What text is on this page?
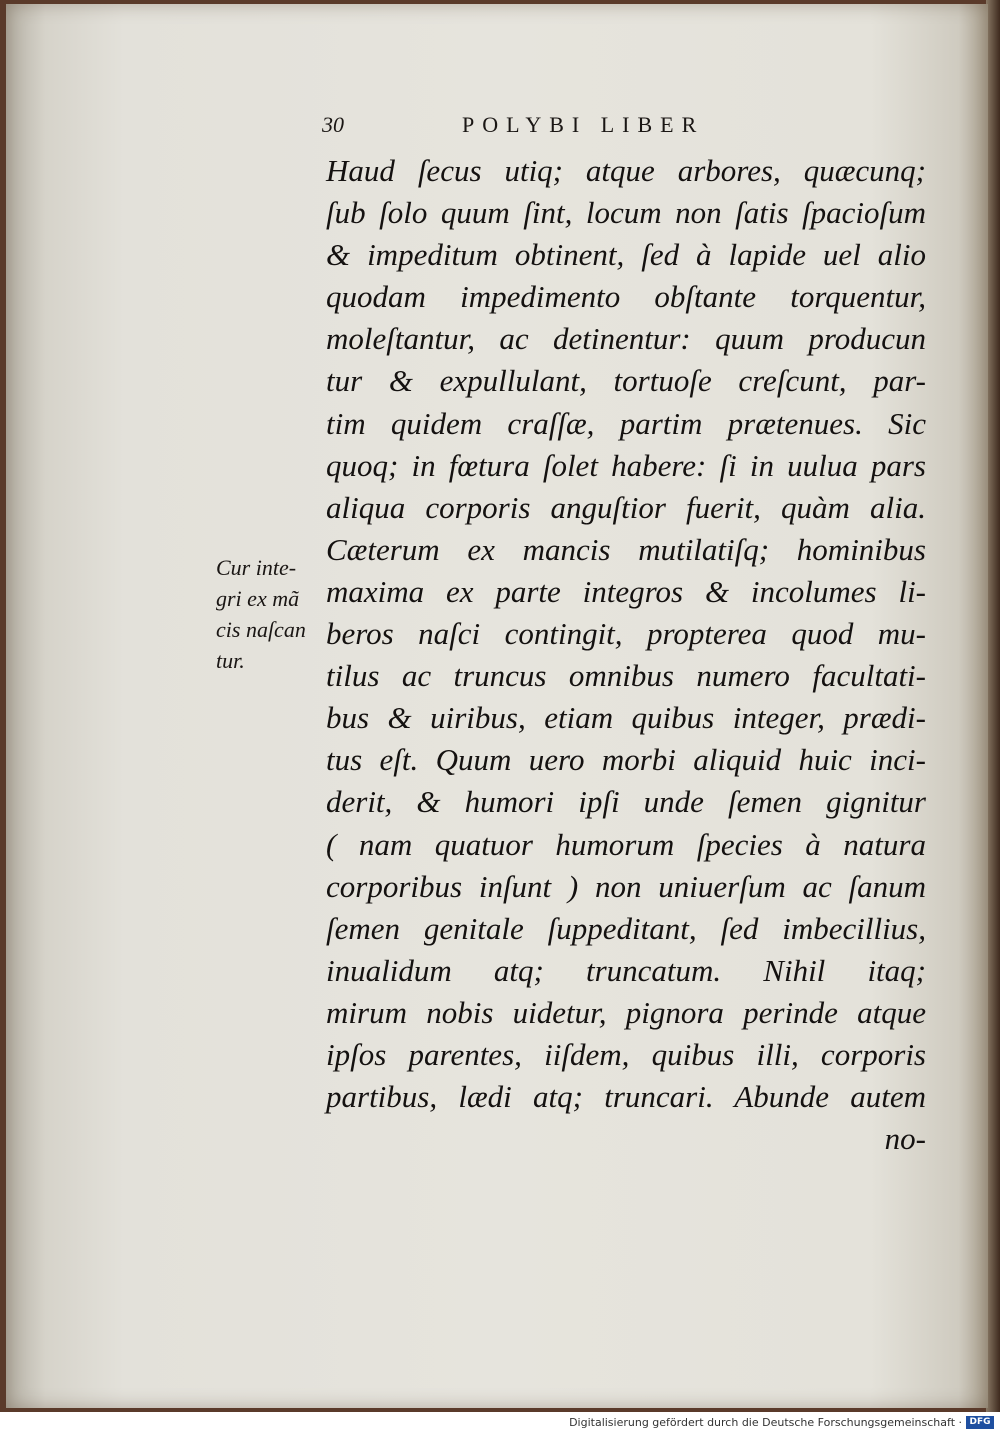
30	POLYBI LIBER
Cur inte-
gri ex mã
cis naſcan
tur.
Haud ſecus utiq; atque arbores, quæcunq;
ſub ſolo quum ſint, locum non ſatis ſpacioſum
& impeditum obtinent, ſed à lapide uel alio
quodam impedimento obſtante torquentur,
moleſtantur, ac detinentur: quum producun
tur & expullulant, tortuoſe creſcunt, par-
tim quidem craſſæ, partim prætenues. Sic
quoq; in fœtura ſolet habere: ſi in uulua pars
aliqua corporis anguſtior fuerit, quàm alia.
Cæterum ex mancis mutilatiſq; hominibus
maxima ex parte integros & incolumes li-
beros naſci contingit, propterea quod mu-
tilus ac truncus omnibus numero facultati-
bus & uiribus, etiam quibus integer, prædi-
tus eſt. Quum uero morbi aliquid huic inci-
derit, & humori ipſi unde ſemen gignitur
( nam quatuor humorum ſpecies à natura
corporibus inſunt ) non uniuerſum ac ſanum
ſemen genitale ſuppeditant, ſed imbecillius,
inualidum atq; truncatum. Nihil itaq;
mirum nobis uidetur, pignora perinde atque
ipſos parentes, iiſdem, quibus illi, corporis
partibus, lædi atq; truncari. Abunde autem
no-
Digitalisierung gefördert durch die Deutsche Forschungsgemeinschaft · DFG
